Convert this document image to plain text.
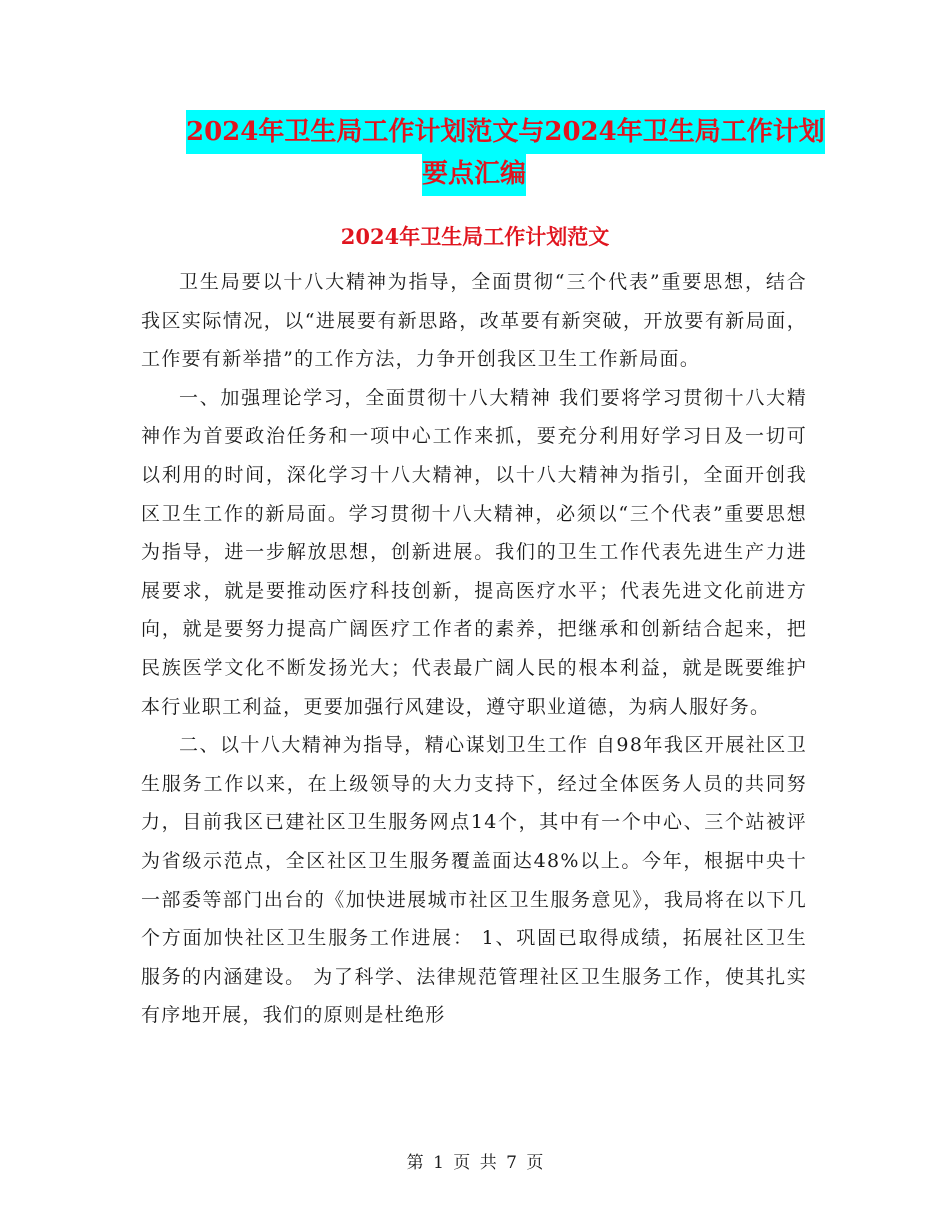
2024年卫生局工作计划范文与2024年卫生局工作计划
要点汇编
2024年卫生局工作计划范文

卫生局要以十八大精神为指导，全面贯彻“三个代表”重要思想，结合我区实际情况，以“进展要有新思路，改革要有新突破，开放要有新局面，工作要有新举措”的工作方法，力争开创我区卫生工作新局面。

一、加强理论学习，全面贯彻十八大精神 我们要将学习贯彻十八大精神作为首要政治任务和一项中心工作来抓，要充分利用好学习日及一切可以利用的时间，深化学习十八大精神，以十八大精神为指引，全面开创我区卫生工作的新局面。学习贯彻十八大精神，必须以“三个代表”重要思想为指导，进一步解放思想，创新进展。我们的卫生工作代表先进生产力进展要求，就是要推动医疗科技创新，提高医疗水平；代表先进文化前进方向，就是要努力提高广阔医疗工作者的素养，把继承和创新结合起来，把民族医学文化不断发扬光大；代表最广阔人民的根本利益，就是既要维护本行业职工利益，更要加强行风建设，遵守职业道德，为病人服好务。

二、以十八大精神为指导，精心谋划卫生工作 自98年我区开展社区卫生服务工作以来，在上级领导的大力支持下，经过全体医务人员的共同努力，目前我区已建社区卫生服务网点14个，其中有一个中心、三个站被评为省级示范点，全区社区卫生服务覆盖面达48%以上。今年，根据中央十一部委等部门出台的《加快进展城市社区卫生服务意见》，我局将在以下几个方面加快社区卫生服务工作进展： 1、巩固已取得成绩，拓展社区卫生服务的内涵建设。 为了科学、法律规范管理社区卫生服务工作，使其扎实有序地开展，我们的原则是杜绝形

第 1 页 共 7 页
